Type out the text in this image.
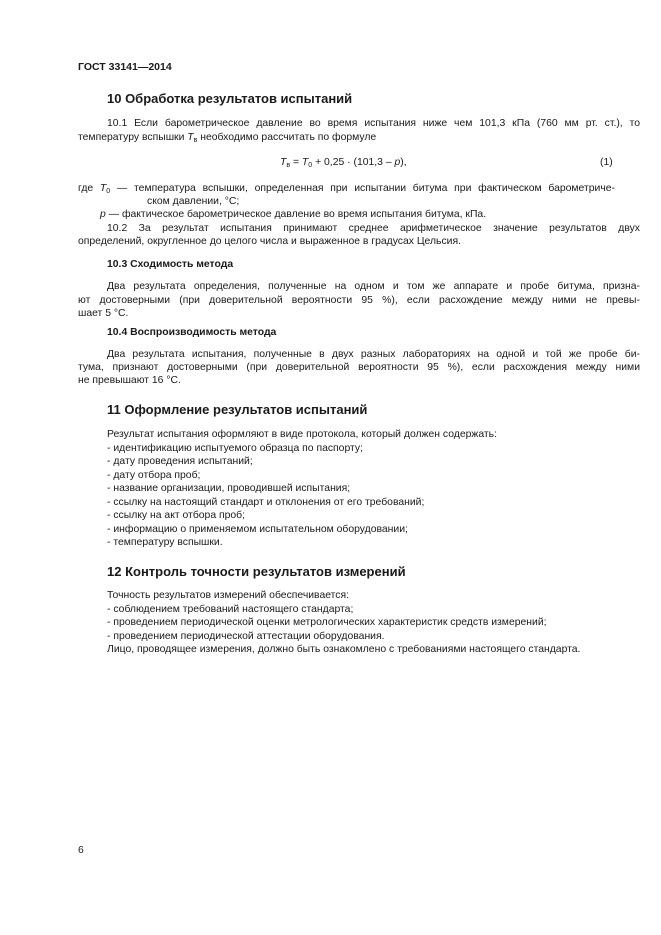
ГОСТ 33141—2014
10 Обработка результатов испытаний
10.1 Если барометрическое давление во время испытания ниже чем 101,3 кПа (760 мм рт. ст.), то
температуру вспышки $T_в$ необходимо рассчитать по формуле
$T_в = T_0 + 0,25 \cdot (101,3 - p)$,	(1)
где $T_0$ — температура вспышки, определенная при испытании битума при фактическом барометриче-
ском давлении, °С;
p — фактическое барометрическое давление во время испытания битума, кПа.
10.2 За результат испытания принимают среднее арифметическое значение результатов двух
определений, округленное до целого числа и выраженное в градусах Цельсия.
10.3 Сходимость метода
Два результата определения, полученные на одном и том же аппарате и пробе битума, призна-
ют достоверными (при доверительной вероятности 95 %), если расхождение между ними не превы-
шает 5 °С.
10.4 Воспроизводимость метода
Два результата испытания, полученные в двух разных лабораториях на одной и той же пробе би-
тума, признают достоверными (при доверительной вероятности 95 %), если расхождения между ними
не превышают 16 °С.
11 Оформление результатов испытаний
Результат испытания оформляют в виде протокола, который должен содержать:
- идентификацию испытуемого образца по паспорту;
- дату проведения испытаний;
- дату отбора проб;
- название организации, проводившей испытания;
- ссылку на настоящий стандарт и отклонения от его требований;
- ссылку на акт отбора проб;
- информацию о применяемом испытательном оборудовании;
- температуру вспышки.
12 Контроль точности результатов измерений
Точность результатов измерений обеспечивается:
- соблюдением требований настоящего стандарта;
- проведением периодической оценки метрологических характеристик средств измерений;
- проведением периодической аттестации оборудования.
Лицо, проводящее измерения, должно быть ознакомлено с требованиями настоящего стандарта.
6
